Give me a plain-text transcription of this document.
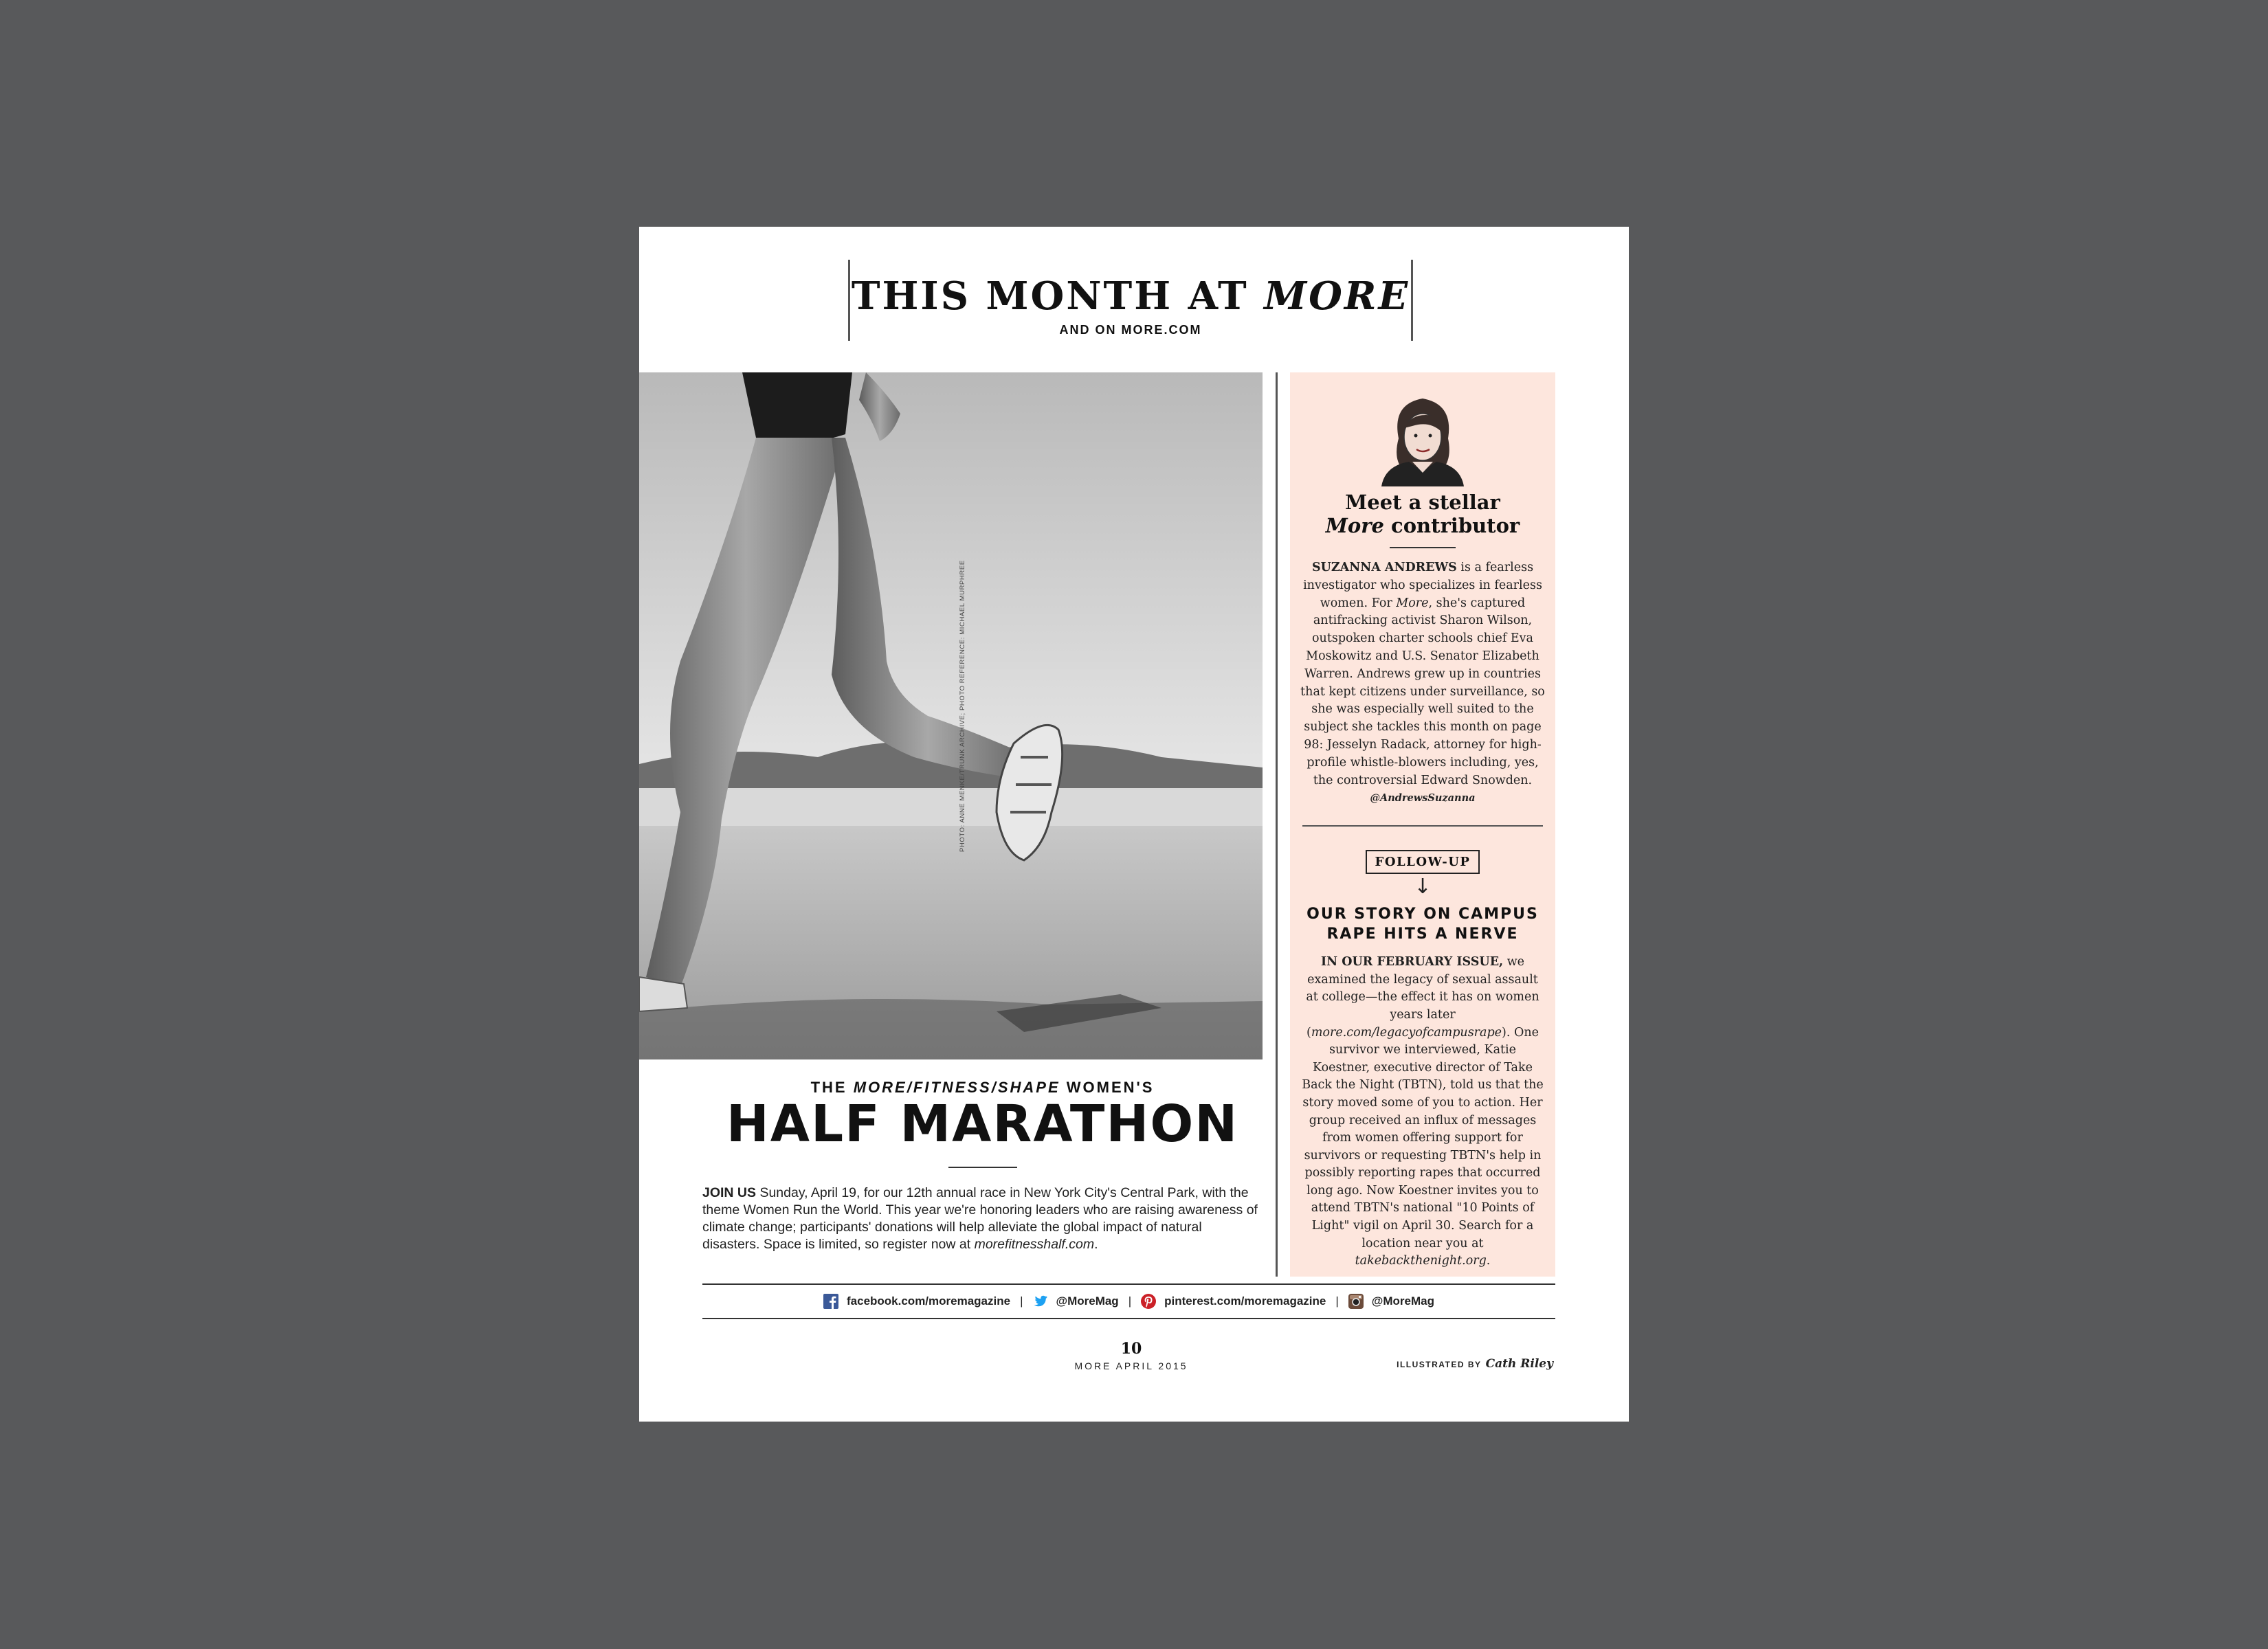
THIS MONTH AT MORE
AND ON MORE.COM
THE MORE/FITNESS/SHAPE WOMEN'S
HALF MARATHON
JOIN US Sunday, April 19, for our 12th annual race in New York City's Central Park, with the theme Women Run the World. This year we're honoring leaders who are raising awareness of climate change; participants' donations will help alleviate the global impact of natural disasters. Space is limited, so register now at morefitnesshalf.com.
Meet a stellar
More contributor
SUZANNA ANDREWS is a fearless investigator who specializes in fearless women. For More, she's captured antifracking activist Sharon Wilson, outspoken charter schools chief Eva Moskowitz and U.S. Senator Elizabeth Warren. Andrews grew up in countries that kept citizens under surveillance, so she was especially well suited to the subject she tackles this month on page 98: Jesselyn Radack, attorney for high-profile whistle-blowers including, yes, the controversial Edward Snowden. @AndrewsSuzanna
FOLLOW-UP
↓
OUR STORY ON CAMPUS RAPE HITS A NERVE
IN OUR FEBRUARY ISSUE, we examined the legacy of sexual assault at college—the effect it has on women years later (more.com/legacyofcampusrape). One survivor we interviewed, Katie Koestner, executive director of Take Back the Night (TBTN), told us that the story moved some of you to action. Her group received an influx of messages from women offering support for survivors or requesting TBTN's help in possibly reporting rapes that occurred long ago. Now Koestner invites you to attend TBTN's national "10 Points of Light" vigil on April 30. Search for a location near you at takebackthenight.org.
facebook.com/moremagazine |	@MoreMag |	pinterest.com/moremagazine |	@MoreMag
10
MORE APRIL 2015	ILLUSTRATED BY Cath Riley
PHOTO: ANNE MENKE/TRUNK ARCHIVE; PHOTO REFERENCE: MICHAEL MURPHREE
